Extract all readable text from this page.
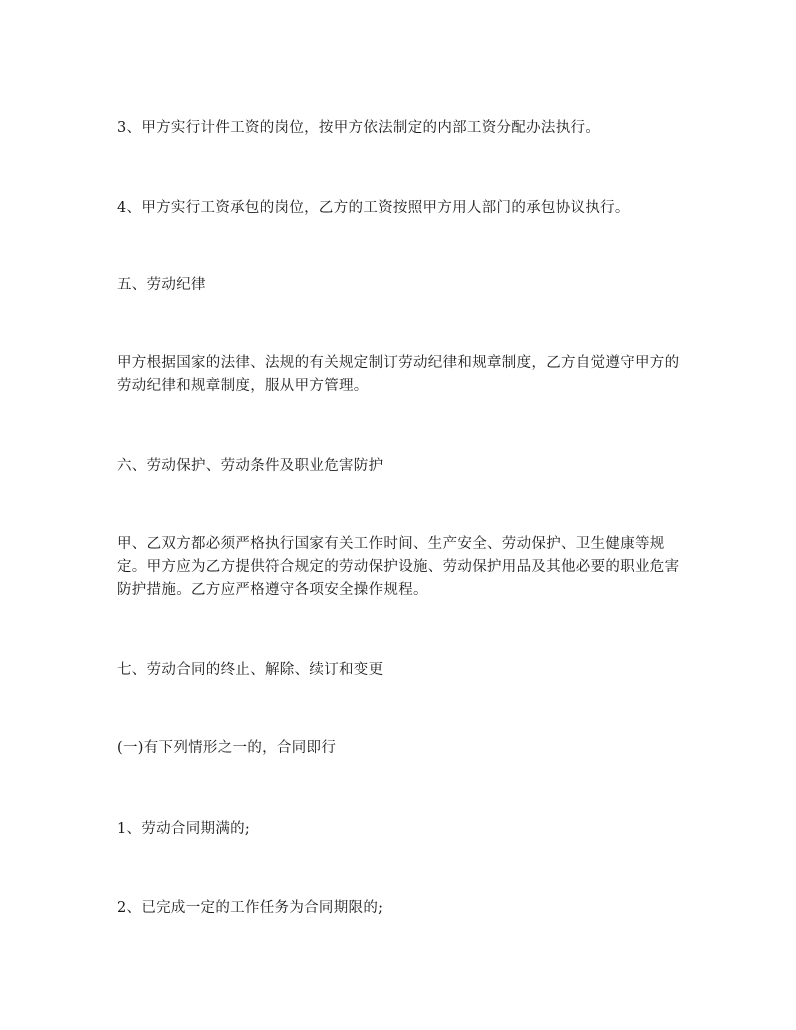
3、甲方实行计件工资的岗位，按甲方依法制定的内部工资分配办法执行。

4、甲方实行工资承包的岗位，乙方的工资按照甲方用人部门的承包协议执行。

五、劳动纪律

甲方根据国家的法律、法规的有关规定制订劳动纪律和规章制度，乙方自觉遵守甲方的劳动纪律和规章制度，服从甲方管理。

六、劳动保护、劳动条件及职业危害防护

甲、乙双方都必须严格执行国家有关工作时间、生产安全、劳动保护、卫生健康等规定。甲方应为乙方提供符合规定的劳动保护设施、劳动保护用品及其他必要的职业危害防护措施。乙方应严格遵守各项安全操作规程。

七、劳动合同的终止、解除、续订和变更

(一)有下列情形之一的，合同即行

1、劳动合同期满的;

2、已完成一定的工作任务为合同期限的;
